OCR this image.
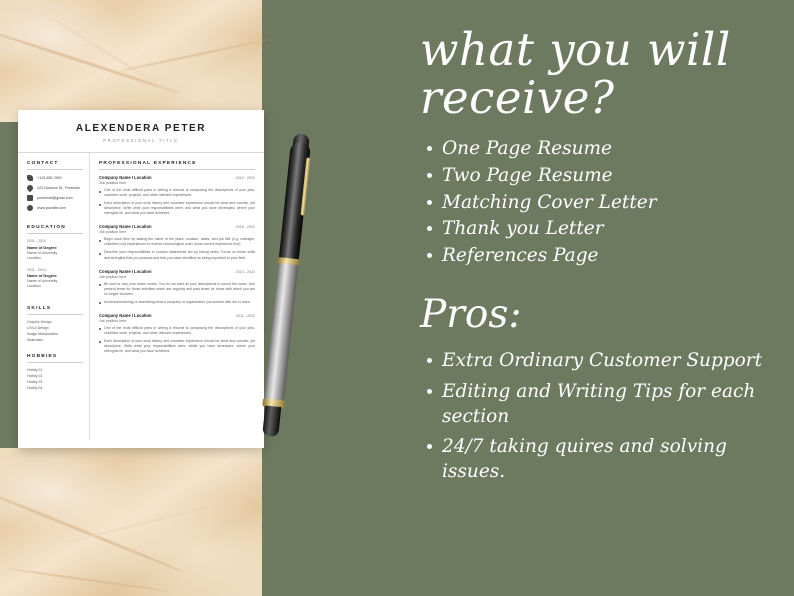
ALEXENDERA PETER
PROFESSIONAL TITLE
CONTACT
+123-456-7890
123 Garrison St., Freetown
youremail@gmail.com
www.yoursite.com
EDUCATION
2011 - 2014
Name of Degree
Name of University
Location
2011 - 2014
Name of Degree
Name of University
Location
SKILLS
Graphic Design
UX/UI Design
Image Manipulation
Illustration
HOBBIES
Hobby 01
Hobby 02
Hobby 03
Hobby 04
PROFESSIONAL EXPERIENCE
Company Name I Location	2019 - 2022
Job position here
One of the most difficult parts in writing a resume is composing the descriptions of your jobs, volunteer work, projects, and other relevant experiences.
Each description of your work history and volunteer experience should be clear and concise, yet descriptive. Write what your responsibilities were, and what you have developed, where your strengths lie, and what you have achieved.
Company Name I Location	2016 - 2022
Job position here
Begin each item by stating the name of the place, location, dates, and job title (e.g. manager, volunteer) List experiences in reverse chronological order (most current experience first).
Describe your responsibilities in concise statements led by strong verbs. Focus on those skills and strengths that you possess and that you have identified as being important to your field.
Company Name I Location	2014 - 2022
Job position here
Be sure to vary your action words. You do not want all your descriptions to sound the same. Use present tense for those activities which are ongoing and past tense for those with which you are no longer involved.
Avoid summarizing or describing what a company or organization you worked with did or does.
Company Name I Location	2011 - 2022
Job position here
One of the most difficult parts in writing a resume is composing the descriptions of your jobs, volunteer work, projects, and other relevant experiences.
Each description of your work history and volunteer experience should be clear and concise, yet descriptive. Write what your responsibilities were, whilst you have developed, where your strengths lie, and what you have achieved.
what you will
receive?
One Page Resume
Two Page Resume
Matching Cover Letter
Thank you Letter
References Page
Pros:
Extra Ordinary Customer Support
Editing and Writing Tips for each section
24/7 taking quires and solving issues.
